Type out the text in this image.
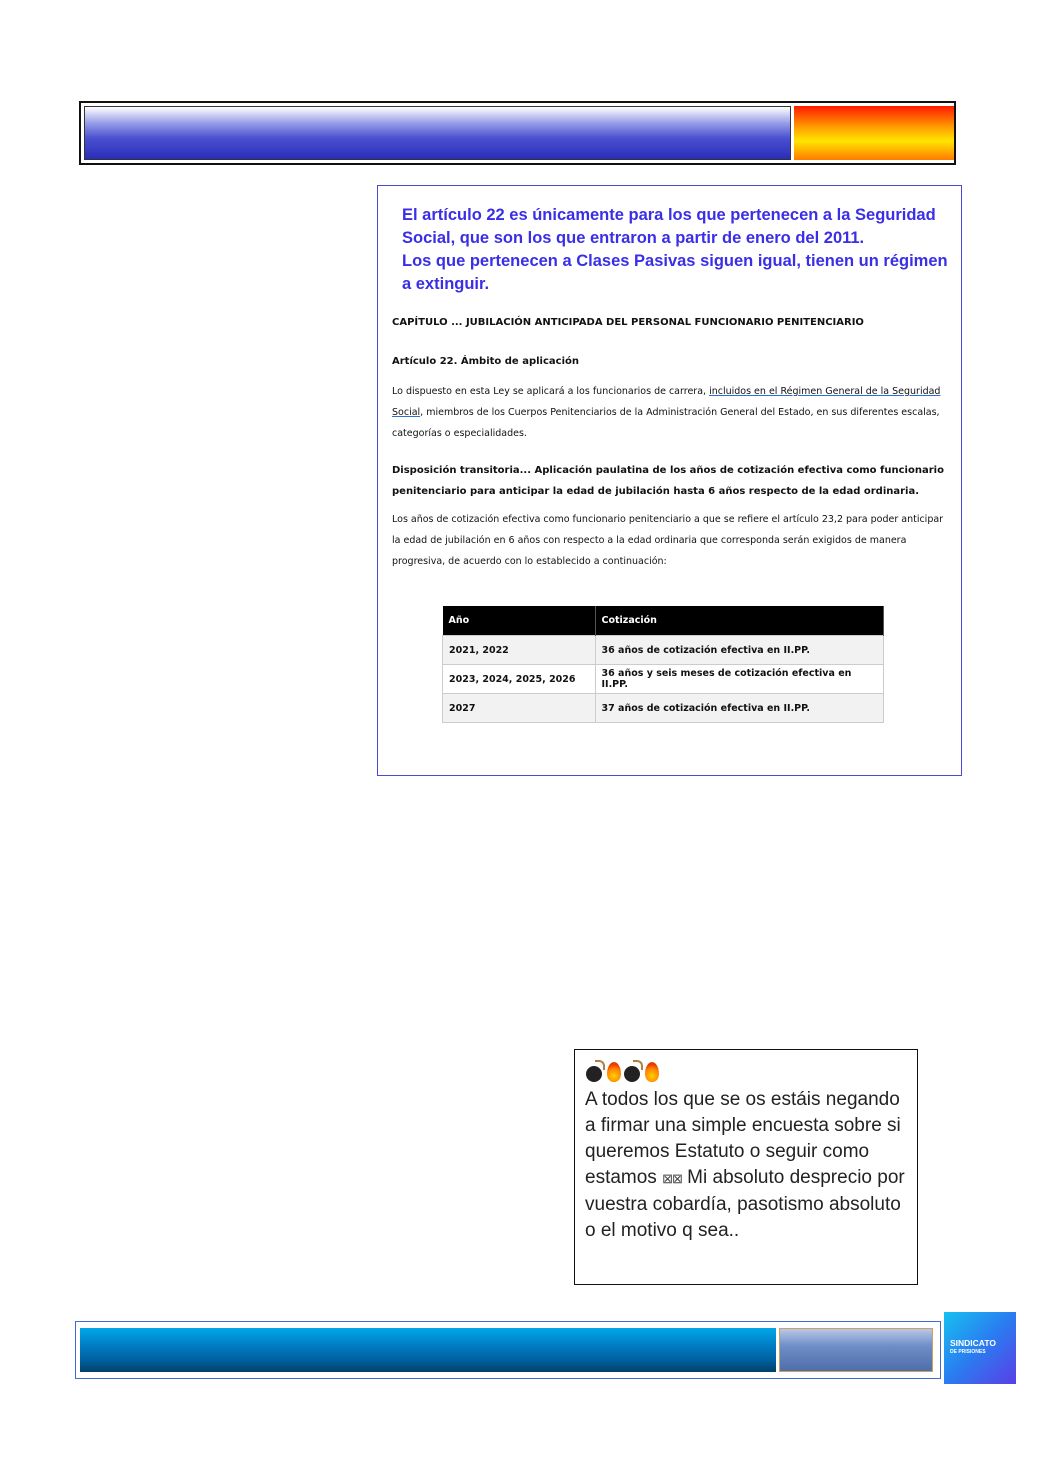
El artículo 22 es únicamente para los que pertenecen a la Seguridad Social, que son los que entraron a partir de enero del 2011.

Los que pertenecen a Clases Pasivas siguen igual, tienen un régimen a extinguir.

CAPÍTULO ... JUBILACIÓN ANTICIPADA DEL PERSONAL FUNCIONARIO PENITENCIARIO
Artículo 22. Ámbito de aplicación
Lo dispuesto en esta Ley se aplicará a los funcionarios de carrera, incluidos en el Régimen General de la Seguridad Social, miembros de los Cuerpos Penitenciarios de la Administración General del Estado, en sus diferentes escalas, categorías o especialidades.
Disposición transitoria... Aplicación paulatina de los años de cotización efectiva como funcionario penitenciario para anticipar la edad de jubilación hasta 6 años respecto de la edad ordinaria.
Los años de cotización efectiva como funcionario penitenciario a que se refiere el artículo 23,2 para poder anticipar la edad de jubilación en 6 años con respecto a la edad ordinaria que corresponda serán exigidos de manera progresiva, de acuerdo con lo establecido a continuación:
Año	Cotización
2021, 2022	36 años de cotización efectiva en II.PP.
2023, 2024, 2025, 2026	36 años y seis meses de cotización efectiva en II.PP.
2027	37 años de cotización efectiva en II.PP.
A todos los que se os estáis negando a firmar una simple encuesta sobre si queremos Estatuto o seguir como estamos ⊠⊠ Mi absoluto desprecio por vuestra cobardía, pasotismo absoluto o el motivo q sea..
SINDICATO
DE PRISIONES
